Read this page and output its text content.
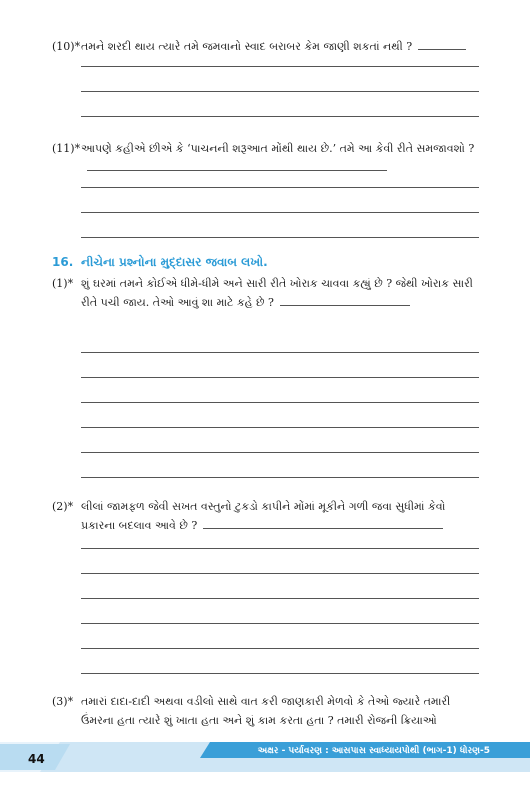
(10)* તમને શરદી થાય ત્યારે તમે જમવાનો સ્વાદ બરાબર કેમ જાણી શકતાં નથી ?
(11)* આપણે કહીએ છીએ કે ‘પાચનની શરૂઆત મોંથી થાય છે.’ તમે આ કેવી રીતે સમજાવશો ?
16. નીચેના પ્રશ્નોના મુદ્દાસર જવાબ લખો.
(1)* શું ઘરમાં તમને કોઈએ ધીમે-ધીમે અને સારી રીતે ખોરાક ચાવવા કહ્યું છે ? જેથી ખોરાક સારી રીતે પચી જાય. તેઓ આવું શા માટે કહે છે ?
(2)* લીલાં જામફળ જેવી સખત વસ્તુનો ટુકડો કાપીને મોંમાં મૂકીને ગળી જવા સુધીમાં કેવો પ્રકારના બદલાવ આવે છે ?
(3)* તમારાં દાદા-દાદી અથવા વડીલો સાથે વાત કરી જાણકારી મેળવો કે તેઓ જ્યારે તમારી ઉંમરના હતા ત્યારે શું ખાતા હતા અને શું કામ કરતા હતા ? તમારી રોજની ક્રિયાઓ
44
અક્ષર - પર્યાવરણ : આસપાસ સ્વાધ્યાયપોથી (ભાગ-1) ધોરણ-5
